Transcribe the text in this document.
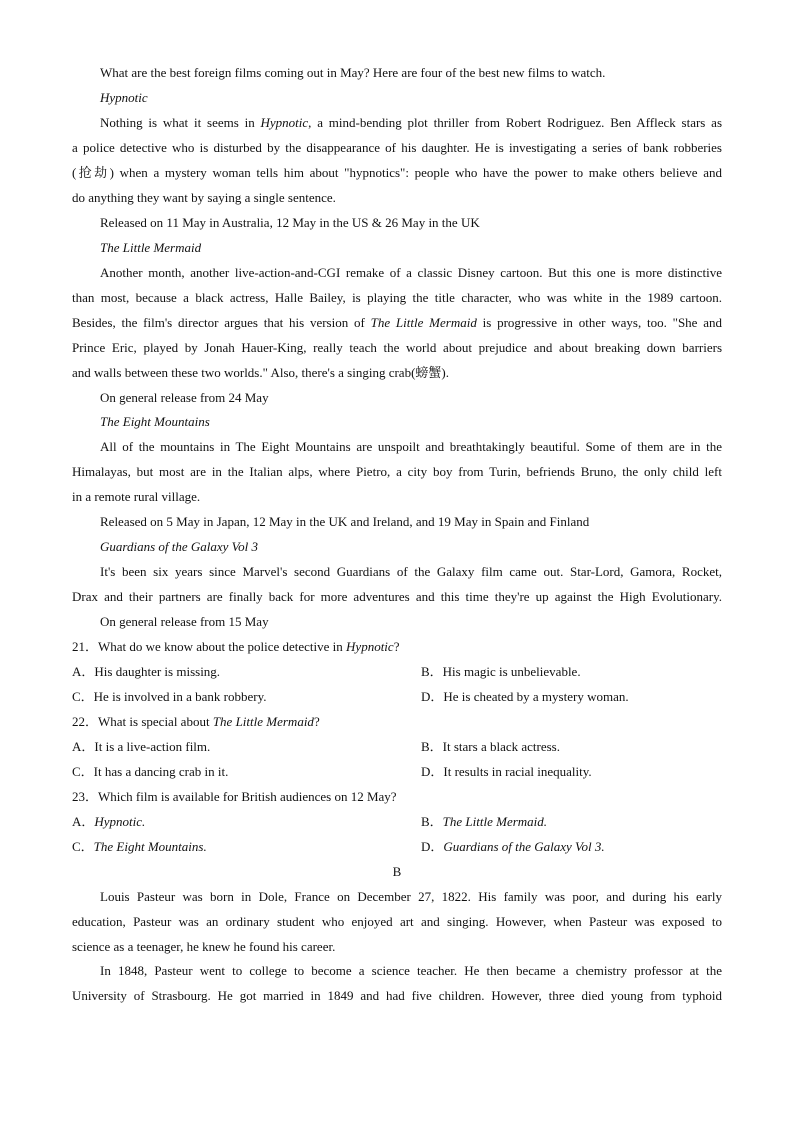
What are the best foreign films coming out in May? Here are four of the best new films to watch.

Hypnotic

Nothing is what it seems in Hypnotic, a mind-bending plot thriller from Robert Rodriguez. Ben Affleck stars as

a police detective who is disturbed by the disappearance of his daughter. He is investigating a series of bank robberies

(抢劫) when a mystery woman tells him about "hypnotics": people who have the power to make others believe and

do anything they want by saying a single sentence.

Released on 11 May in Australia, 12 May in the US & 26 May in the UK

The Little Mermaid

Another month, another live-action-and-CGI remake of a classic Disney cartoon. But this one is more distinctive

than most, because a black actress, Halle Bailey, is playing the title character, who was white in the 1989 cartoon.

Besides, the film's director argues that his version of The Little Mermaid is progressive in other ways, too. "She and

Prince Eric, played by Jonah Hauer-King, really teach the world about prejudice and about breaking down barriers

and walls between these two worlds." Also, there's a singing crab(螃蟹).

On general release from 24 May

The Eight Mountains

All of the mountains in The Eight Mountains are unspoilt and breathtakingly beautiful. Some of them are in the

Himalayas, but most are in the Italian alps, where Pietro, a city boy from Turin, befriends Bruno, the only child left

in a remote rural village.

Released on 5 May in Japan, 12 May in the UK and Ireland, and 19 May in Spain and Finland

Guardians of the Galaxy Vol 3

It's been six years since Marvel's second Guardians of the Galaxy film came out. Star-Lord, Gamora, Rocket,

Drax and their partners are finally back for more adventures and this time they're up against the High Evolutionary.

On general release from 15 May

21．What do we know about the police detective in Hypnotic?

A．His daughter is missing.	B．His magic is unbelievable.
C．He is involved in a bank robbery.	D．He is cheated by a mystery woman.

22．What is special about The Little Mermaid?

A．It is a live-action film.	B．It stars a black actress.
C．It has a dancing crab in it.	D．It results in racial inequality.

23．Which film is available for British audiences on 12 May?

A．Hypnotic.	B．The Little Mermaid.
C．The Eight Mountains.	D．Guardians of the Galaxy Vol 3.

B

Louis Pasteur was born in Dole, France on December 27, 1822. His family was poor, and during his early

education, Pasteur was an ordinary student who enjoyed art and singing. However, when Pasteur was exposed to

science as a teenager, he knew he found his career.

In 1848, Pasteur went to college to become a science teacher. He then became a chemistry professor at the

University of Strasbourg. He got married in 1849 and had five children. However, three died young from typhoid
